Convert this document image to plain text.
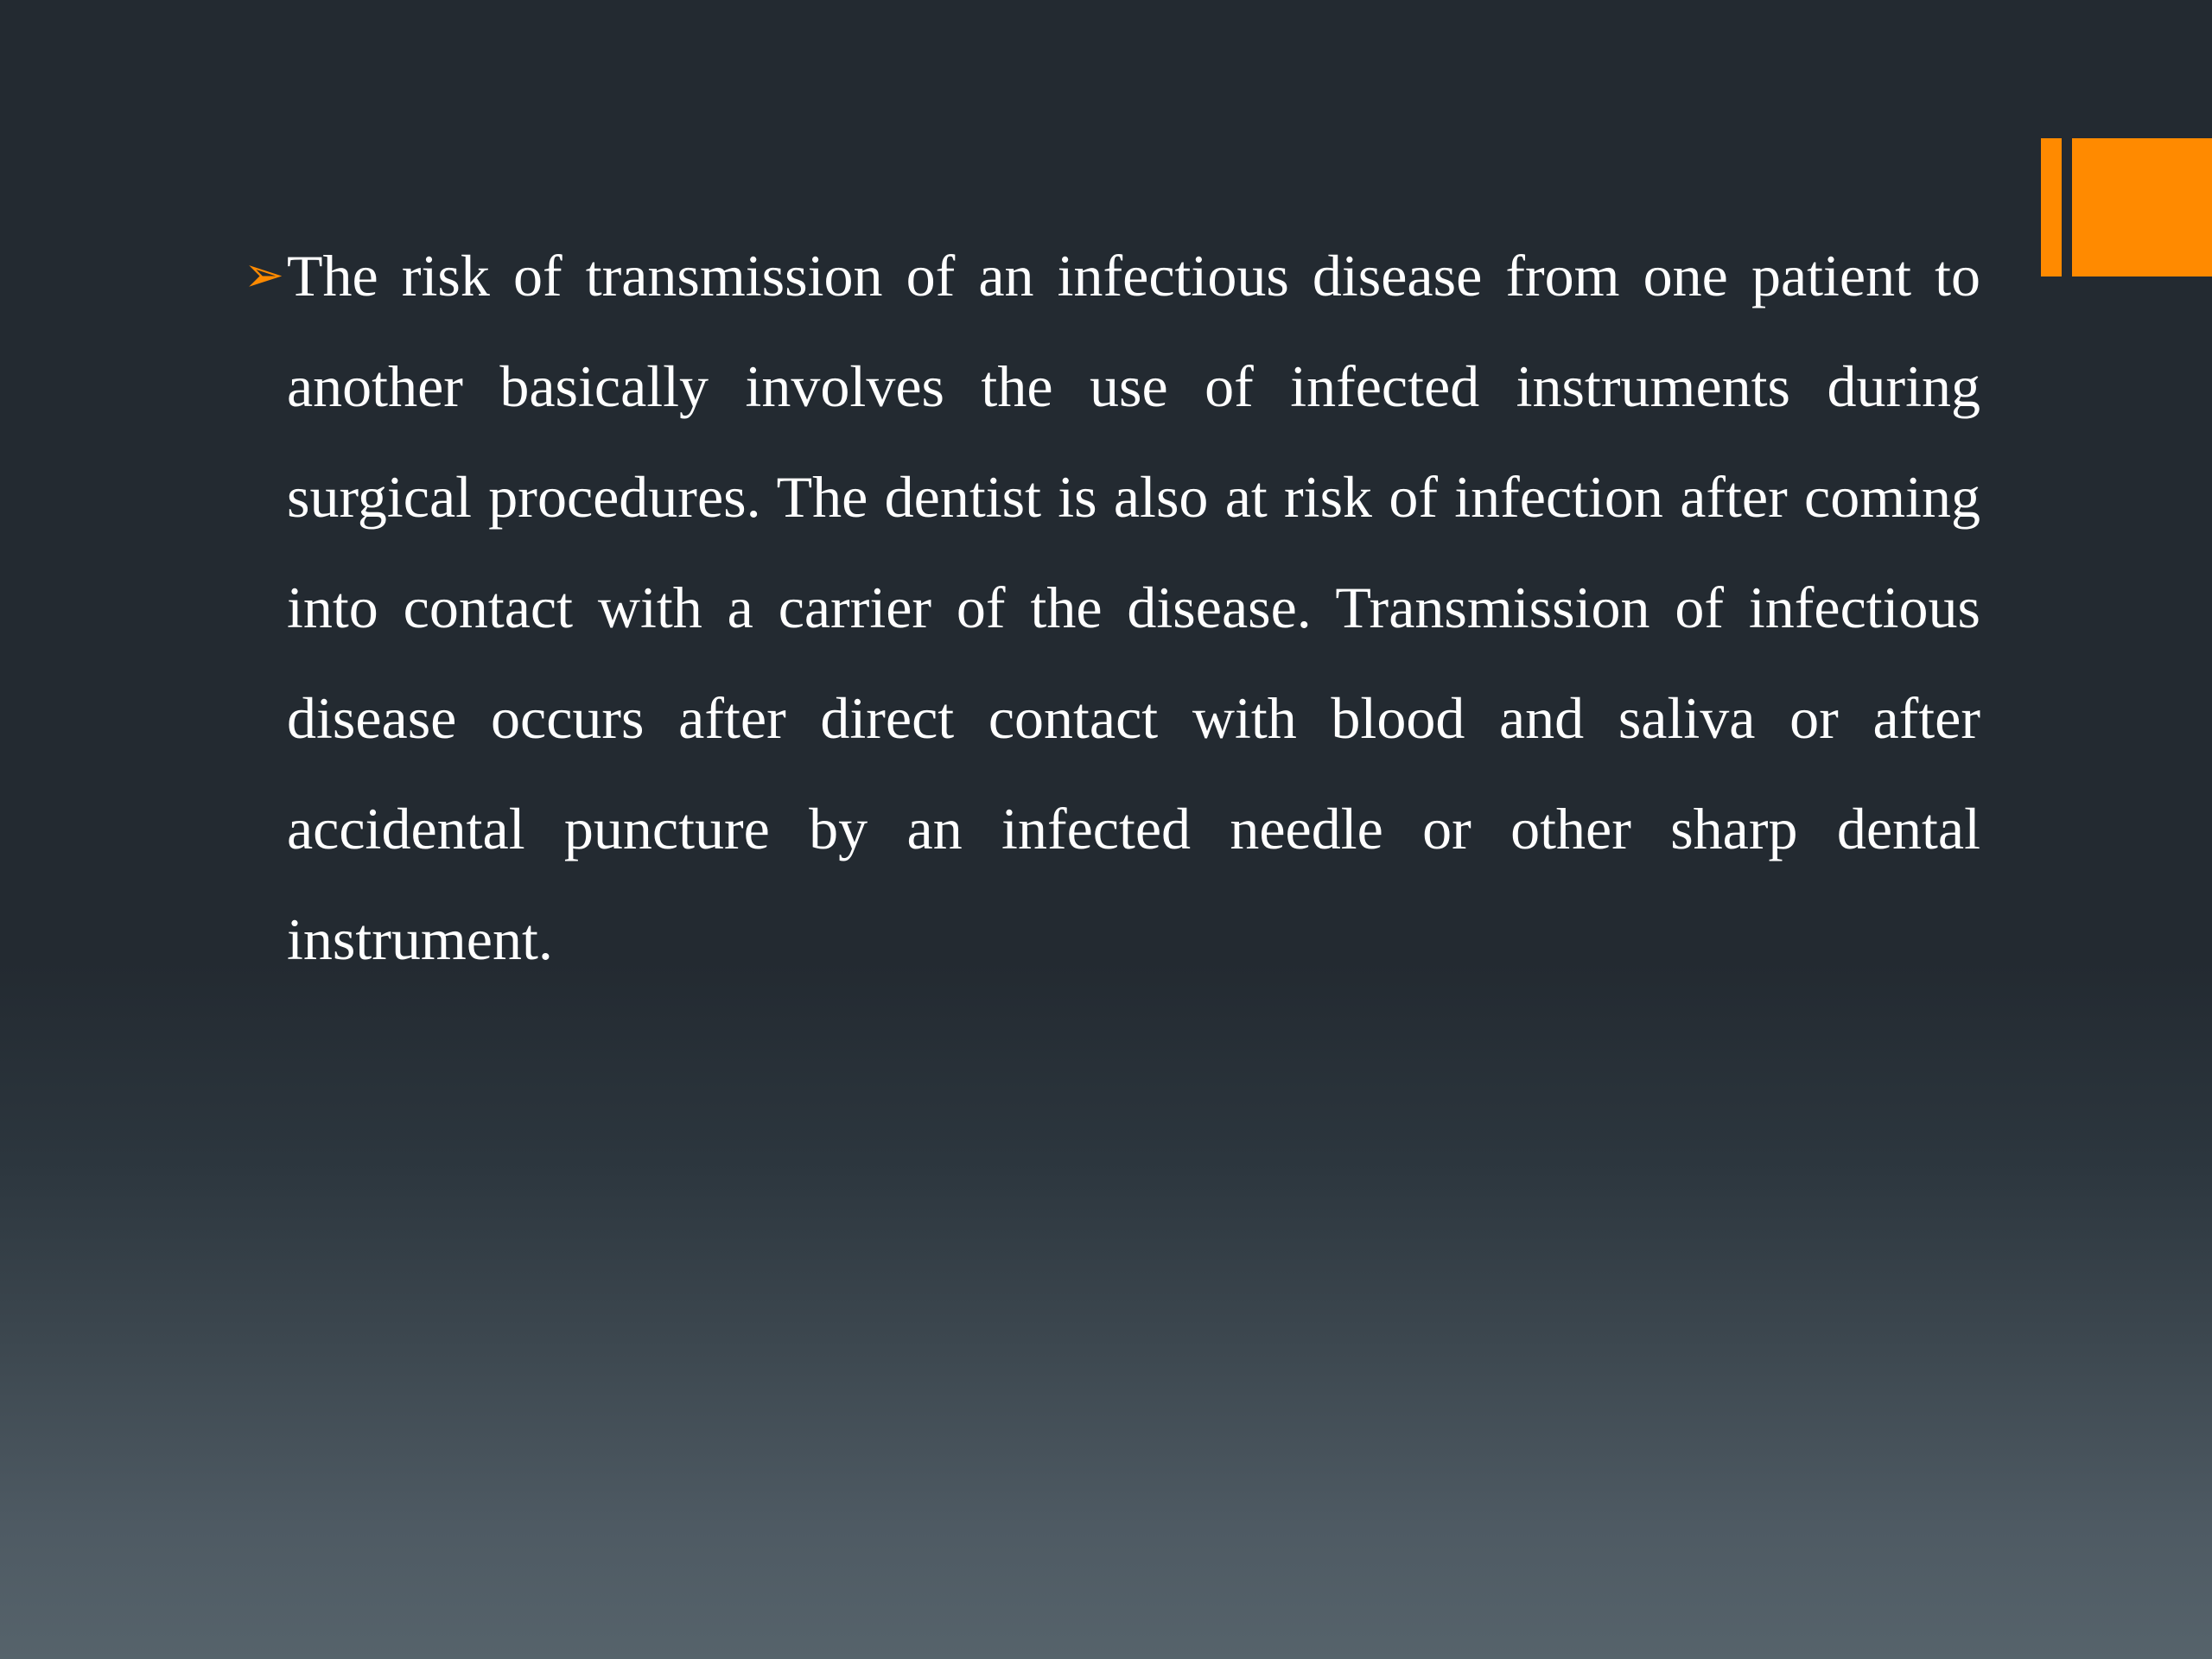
➢ The risk of transmission of an infectious disease from one patient to another basically involves the use of infected instruments during surgical procedures. The dentist is also at risk of infection after coming into contact with a carrier of the disease. Transmission of infectious disease occurs after direct contact with blood and saliva or after accidental puncture by an infected needle or other sharp dental instrument.
